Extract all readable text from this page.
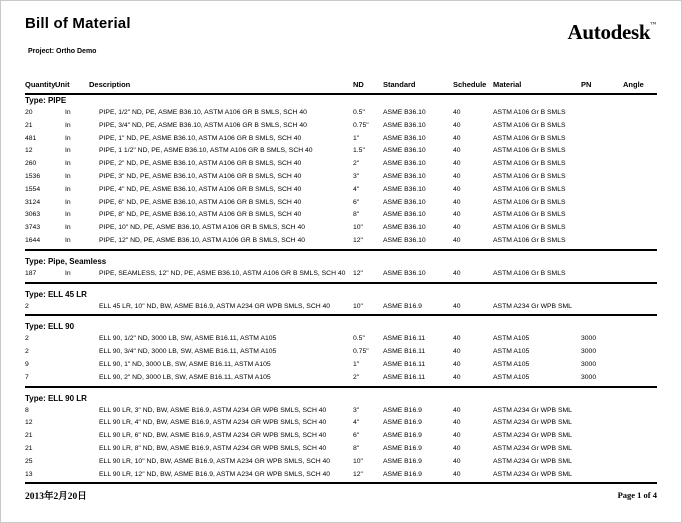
Bill of Material
Project: Ortho Demo
Autodesk™
Quantity Unit	Description	ND	Standard	Schedule Material	PN	Angle
Type: PIPE
20	In	PIPE, 1/2" ND, PE, ASME B36.10, ASTM A106 GR B SMLS, SCH 40	0.5"	ASME B36.10	40	ASTM A106 Gr B SMLS
21	In	PIPE, 3/4" ND, PE, ASME B36.10, ASTM A106 GR B SMLS, SCH 40	0.75"	ASME B36.10	40	ASTM A106 Gr B SMLS
481	In	PIPE, 1" ND, PE, ASME B36.10, ASTM A106 GR B SMLS, SCH 40	1"	ASME B36.10	40	ASTM A106 Gr B SMLS
12	In	PIPE, 1 1/2" ND, PE, ASME B36.10, ASTM A106 GR B SMLS, SCH 40	1.5"	ASME B36.10	40	ASTM A106 Gr B SMLS
260	In	PIPE, 2" ND, PE, ASME B36.10, ASTM A106 GR B SMLS, SCH 40	2"	ASME B36.10	40	ASTM A106 Gr B SMLS
1536	In	PIPE, 3" ND, PE, ASME B36.10, ASTM A106 GR B SMLS, SCH 40	3"	ASME B36.10	40	ASTM A106 Gr B SMLS
1554	In	PIPE, 4" ND, PE, ASME B36.10, ASTM A106 GR B SMLS, SCH 40	4"	ASME B36.10	40	ASTM A106 Gr B SMLS
3124	In	PIPE, 6" ND, PE, ASME B36.10, ASTM A106 GR B SMLS, SCH 40	6"	ASME B36.10	40	ASTM A106 Gr B SMLS
3063	In	PIPE, 8" ND, PE, ASME B36.10, ASTM A106 GR B SMLS, SCH 40	8"	ASME B36.10	40	ASTM A106 Gr B SMLS
3743	In	PIPE, 10" ND, PE, ASME B36.10, ASTM A106 GR B SMLS, SCH 40	10"	ASME B36.10	40	ASTM A106 Gr B SMLS
1644	In	PIPE, 12" ND, PE, ASME B36.10, ASTM A106 GR B SMLS, SCH 40	12"	ASME B36.10	40	ASTM A106 Gr B SMLS
Type: Pipe, Seamless
187	In	PIPE, SEAMLESS, 12" ND, PE, ASME B36.10, ASTM A106 GR B SMLS, SCH 40	12"	ASME B36.10	40	ASTM A106 Gr B SMLS
Type: ELL 45 LR
2	ELL 45 LR, 10" ND, BW, ASME B16.9, ASTM A234 GR WPB SMLS, SCH 40	10"	ASME B16.9	40	ASTM A234 Gr WPB SML
Type: ELL 90
2	ELL 90, 1/2" ND, 3000 LB, SW, ASME B16.11, ASTM A105	0.5"	ASME B16.11	40	ASTM A105	3000
2	ELL 90, 3/4" ND, 3000 LB, SW, ASME B16.11, ASTM A105	0.75"	ASME B16.11	40	ASTM A105	3000
9	ELL 90, 1" ND, 3000 LB, SW, ASME B16.11, ASTM A105	1"	ASME B16.11	40	ASTM A105	3000
7	ELL 90, 2" ND, 3000 LB, SW, ASME B16.11, ASTM A105	2"	ASME B16.11	40	ASTM A105	3000
Type: ELL 90 LR
8	ELL 90 LR, 3" ND, BW, ASME B16.9, ASTM A234 GR WPB SMLS, SCH 40	3"	ASME B16.9	40	ASTM A234 Gr WPB SML
12	ELL 90 LR, 4" ND, BW, ASME B16.9, ASTM A234 GR WPB SMLS, SCH 40	4"	ASME B16.9	40	ASTM A234 Gr WPB SML
21	ELL 90 LR, 6" ND, BW, ASME B16.9, ASTM A234 GR WPB SMLS, SCH 40	6"	ASME B16.9	40	ASTM A234 Gr WPB SML
21	ELL 90 LR, 8" ND, BW, ASME B16.9, ASTM A234 GR WPB SMLS, SCH 40	8"	ASME B16.9	40	ASTM A234 Gr WPB SML
25	ELL 90 LR, 10" ND, BW, ASME B16.9, ASTM A234 GR WPB SMLS, SCH 40	10"	ASME B16.9	40	ASTM A234 Gr WPB SML
13	ELL 90 LR, 12" ND, BW, ASME B16.9, ASTM A234 GR WPB SMLS, SCH 40	12"	ASME B16.9	40	ASTM A234 Gr WPB SML
2013年2月20日	Page 1 of 4
